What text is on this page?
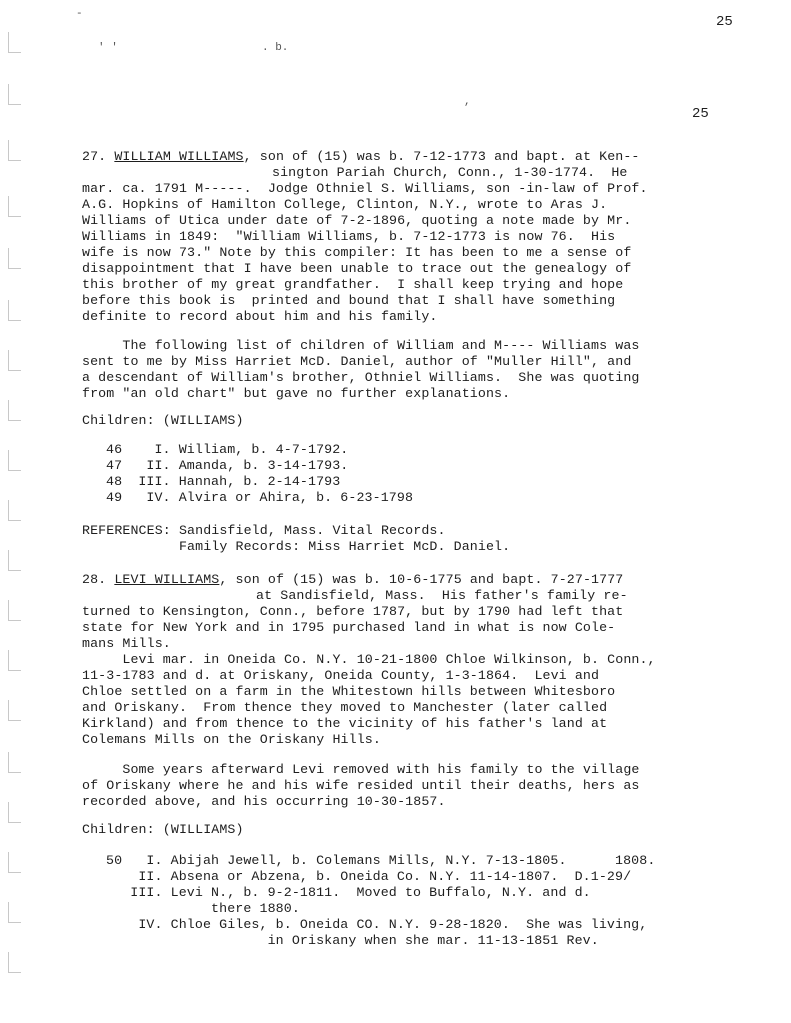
25
25
' '	. b.
,
-
27. WILLIAM WILLIAMS, son of (15) was b. 7-12-1773 and bapt. at Ken--
sington Pariah Church, Conn., 1-30-1774.  He
mar. ca. 1791 M-----.  Jodge Othniel S. Williams, son -in-law of Prof.
A.G. Hopkins of Hamilton College, Clinton, N.Y., wrote to Aras J.
Williams of Utica under date of 7-2-1896, quoting a note made by Mr.
Williams in 1849:  "William Williams, b. 7-12-1773 is now 76.  His
wife is now 73." Note by this compiler: It has been to me a sense of
disappointment that I have been unable to trace out the genealogy of
this brother of my great grandfather.  I shall keep trying and hope
before this book is  printed and bound that I shall have something
definite to record about him and his family.
The following list of children of William and M---- Williams was
sent to me by Miss Harriet McD. Daniel, author of "Muller Hill", and
a descendant of William's brother, Othniel Williams.  She was quoting
from "an old chart" but gave no further explanations.
Children: (WILLIAMS)
46    I. William, b. 4-7-1792.
47   II. Amanda, b. 3-14-1793.
48  III. Hannah, b. 2-14-1793
49   IV. Alvira or Ahira, b. 6-23-1798
REFERENCES: Sandisfield, Mass. Vital Records.
Family Records: Miss Harriet McD. Daniel.
28. LEVI WILLIAMS, son of (15) was b. 10-6-1775 and bapt. 7-27-1777
at Sandisfield, Mass.  His father's family re-
turned to Kensington, Conn., before 1787, but by 1790 had left that
state for New York and in 1795 purchased land in what is now Cole-
mans Mills.
Levi mar. in Oneida Co. N.Y. 10-21-1800 Chloe Wilkinson, b. Conn.,
11-3-1783 and d. at Oriskany, Oneida County, 1-3-1864.  Levi and
Chloe settled on a farm in the Whitestown hills between Whitesboro
and Oriskany.  From thence they moved to Manchester (later called
Kirkland) and from thence to the vicinity of his father's land at
Colemans Mills on the Oriskany Hills.
Some years afterward Levi removed with his family to the village
of Oriskany where he and his wife resided until their deaths, hers as
recorded above, and his occurring 10-30-1857.
Children: (WILLIAMS)
50   I. Abijah Jewell, b. Colemans Mills, N.Y. 7-13-1805.      1808.
II. Absena or Abzena, b. Oneida Co. N.Y. 11-14-1807.  D.1-29/
III. Levi N., b. 9-2-1811.  Moved to Buffalo, N.Y. and d.
there 1880.
IV. Chloe Giles, b. Oneida CO. N.Y. 9-28-1820.  She was living,
in Oriskany when she mar. 11-13-1851 Rev.
